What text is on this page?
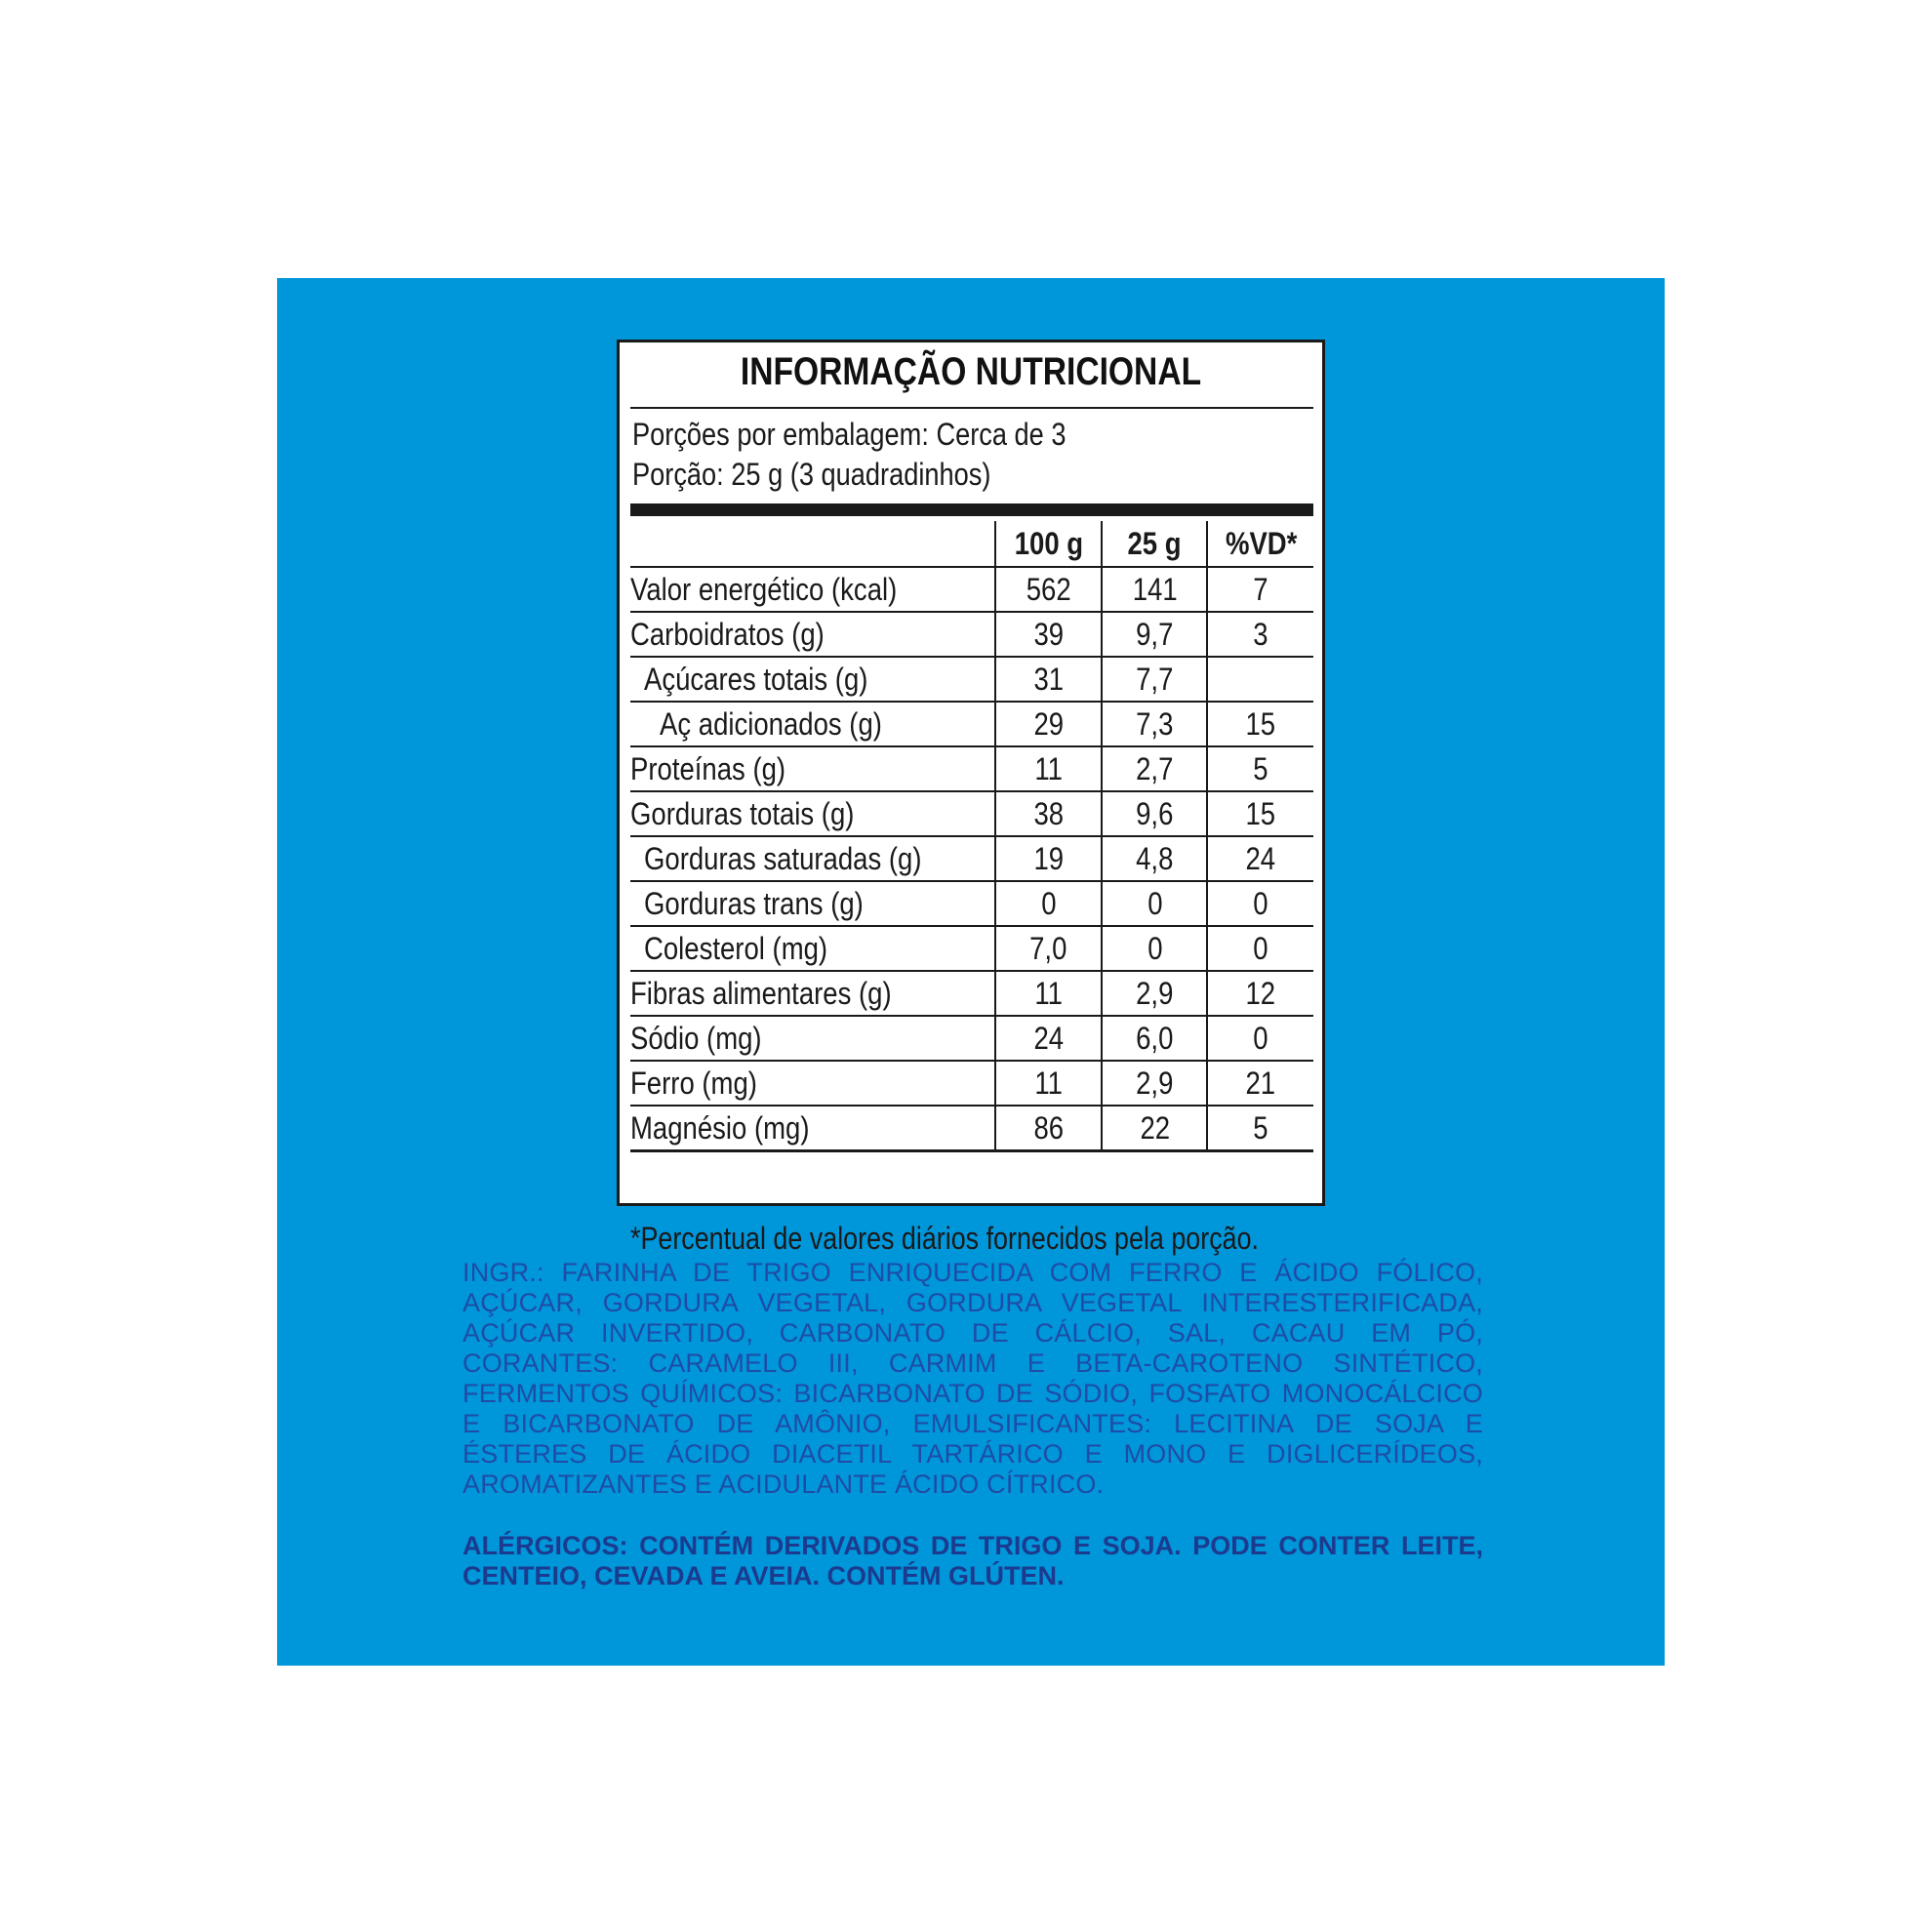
INFORMAÇÃO NUTRICIONAL
Porções por embalagem: Cerca de 3
Porção: 25 g (3 quadradinhos)
	100 g	25 g	%VD*
Valor energético (kcal)	562	141	7
Carboidratos (g)	39	9,7	3
Açúcares totais (g)	31	7,7	
Aç adicionados (g)	29	7,3	15
Proteínas (g)	11	2,7	5
Gorduras totais (g)	38	9,6	15
Gorduras saturadas (g)	19	4,8	24
Gorduras trans (g)	0	0	0
Colesterol (mg)	7,0	0	0
Fibras alimentares (g)	11	2,9	12
Sódio (mg)	24	6,0	0
Ferro (mg)	11	2,9	21
Magnésio (mg)	86	22	5
*Percentual de valores diários fornecidos pela porção.
INGR.: FARINHA DE TRIGO ENRIQUECIDA COM FERRO E ÁCIDO FÓLICO, AÇÚCAR, GORDURA VEGETAL, GORDURA VEGETAL INTERESTERIFICADA, AÇÚCAR INVERTIDO, CARBONATO DE CÁLCIO, SAL, CACAU EM PÓ, CORANTES: CARAMELO III, CARMIM E BETA-CAROTENO SINTÉTICO, FERMENTOS QUÍMICOS: BICARBONATO DE SÓDIO, FOSFATO MONOCÁLCICO E BICARBONATO DE AMÔNIO, EMULSIFICANTES: LECITINA DE SOJA E ÉSTERES DE ÁCIDO DIACETIL TARTÁRICO E MONO E DIGLICERÍDEOS, AROMATIZANTES E ACIDULANTE ÁCIDO CÍTRICO.
ALÉRGICOS: CONTÉM DERIVADOS DE TRIGO E SOJA. PODE CONTER LEITE, CENTEIO, CEVADA E AVEIA. CONTÉM GLÚTEN.
